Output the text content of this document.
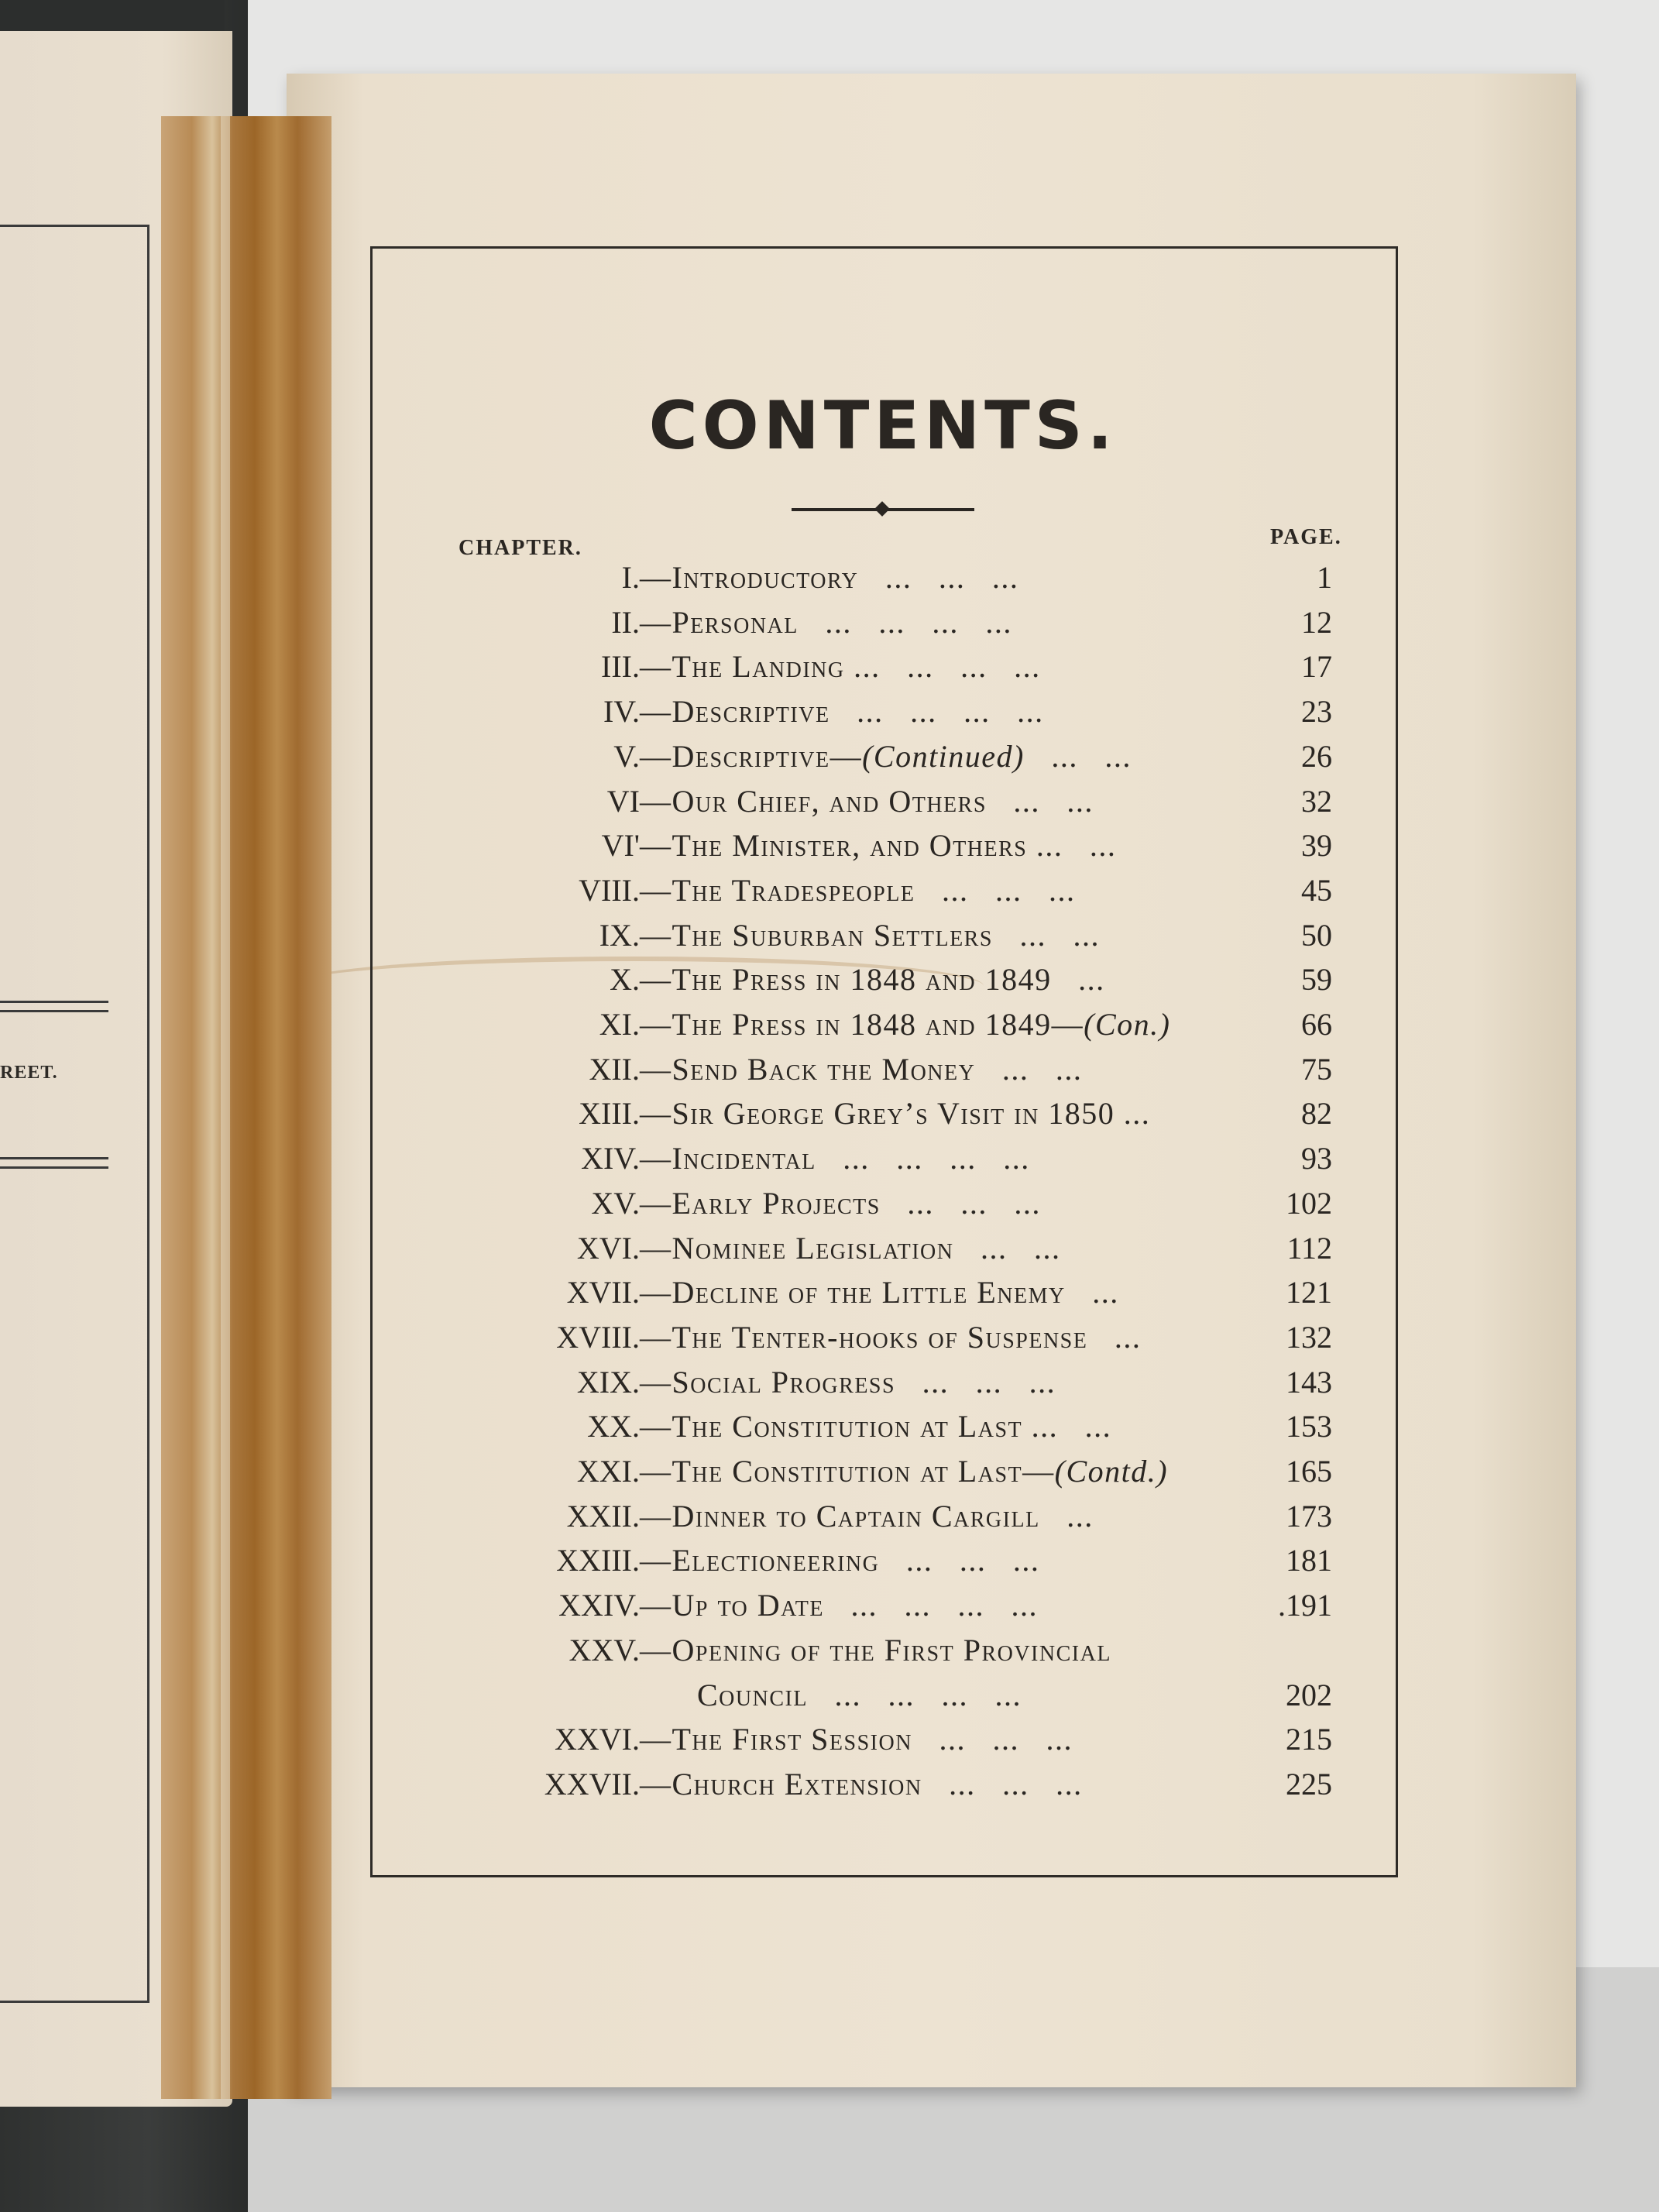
REET.
CONTENTS.
CHAPTER.	PAGE.
I. —Introductory   ...   ...   ...	1
II. —Personal   ...   ...   ...   ...	12
III. —The Landing ...   ...   ...   ...	17
IV. —Descriptive   ...   ...   ...   ...	23
V. —Descriptive—(Continued)   ...   ...	26
VI —Our Chief, and Others   ...   ...	32
VI' —The Minister, and Others ...   ...	39
VIII. —The Tradespeople   ...   ...   ...	45
IX. —The Suburban Settlers   ...   ...	50
X. —The Press in 1848 and 1849   ...	59
XI. —The Press in 1848 and 1849—(Con.)	66
XII. —Send Back the Money   ...   ...	75
XIII. —Sir George Grey’s Visit in 1850 ...	82
XIV. —Incidental   ...   ...   ...   ...	93
XV. —Early Projects   ...   ...   ...	102
XVI. —Nominee Legislation   ...   ...	112
XVII. —Decline of the Little Enemy   ...	121
XVIII. —The Tenter-hooks of Suspense   ...	132
XIX. —Social Progress   ...   ...   ...	143
XX. —The Constitution at Last ...   ...	153
XXI. —The Constitution at Last—(Contd.)	165
XXII. —Dinner to Captain Cargill   ...	173
XXIII. —Electioneering   ...   ...   ...	181
XXIV. —Up to Date   ...   ...   ...   ...	.191
XXV. —Opening of the First Provincial
Council   ...   ...   ...   ...	202
XXVI. —The First Session   ...   ...   ...	215
XXVII. —Church Extension   ...   ...   ...	225
